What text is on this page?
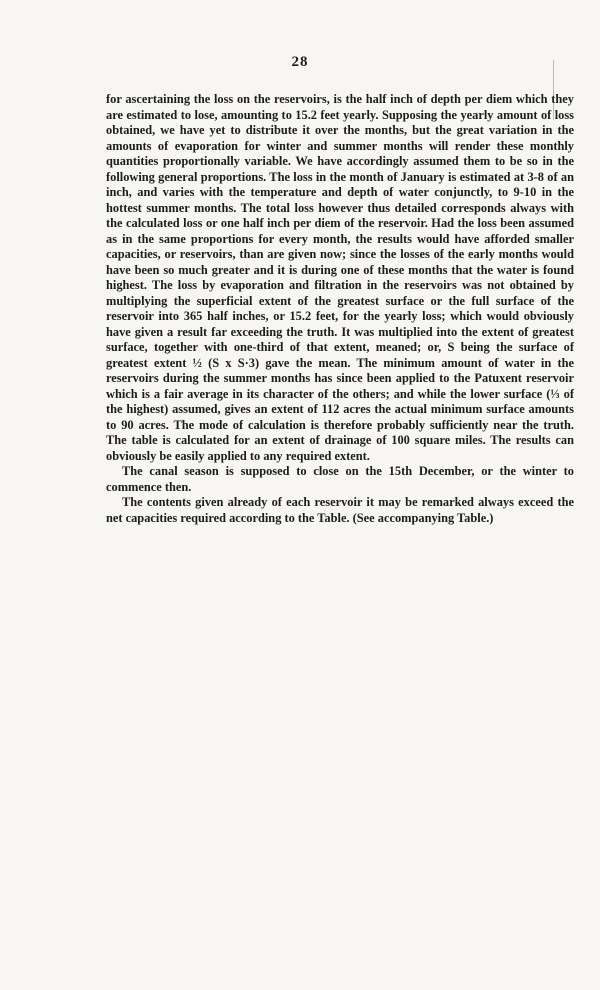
28

for ascertaining the loss on the reservoirs, is the half inch of depth per diem which they are estimated to lose, amounting to 15.2 feet yearly. Supposing the yearly amount of loss obtained, we have yet to distribute it over the months, but the great variation in the amounts of evaporation for winter and summer months will render these monthly quantities proportionally variable. We have accordingly assumed them to be so in the following general proportions. The loss in the month of January is estimated at 3-8 of an inch, and varies with the temperature and depth of water conjunctly, to 9-10 in the hottest summer months. The total loss however thus detailed corresponds always with the calculated loss or one half inch per diem of the reservoir. Had the loss been assumed as in the same proportions for every month, the results would have afforded smaller capacities, or reservoirs, than are given now; since the losses of the early months would have been so much greater and it is during one of these months that the water is found highest. The loss by evaporation and filtration in the reservoirs was not obtained by multiplying the superficial extent of the greatest surface or the full surface of the reservoir into 365 half inches, or 15.2 feet, for the yearly loss; which would obviously have given a result far exceeding the truth. It was multiplied into the extent of greatest surface, together with one-third of that extent, meaned; or, S being the surface of greatest extent ½ (S x S·3) gave the mean. The minimum amount of water in the reservoirs during the summer months has since been applied to the Patuxent reservoir which is a fair average in its character of the others; and while the lower surface (⅓ of the highest) assumed, gives an extent of 112 acres the actual minimum surface amounts to 90 acres. The mode of calculation is therefore probably sufficiently near the truth. The table is calculated for an extent of drainage of 100 square miles. The results can obviously be easily applied to any required extent.

The canal season is supposed to close on the 15th December, or the winter to commence then.

The contents given already of each reservoir it may be remarked always exceed the net capacities required according to the Table. (See accompanying Table.)
